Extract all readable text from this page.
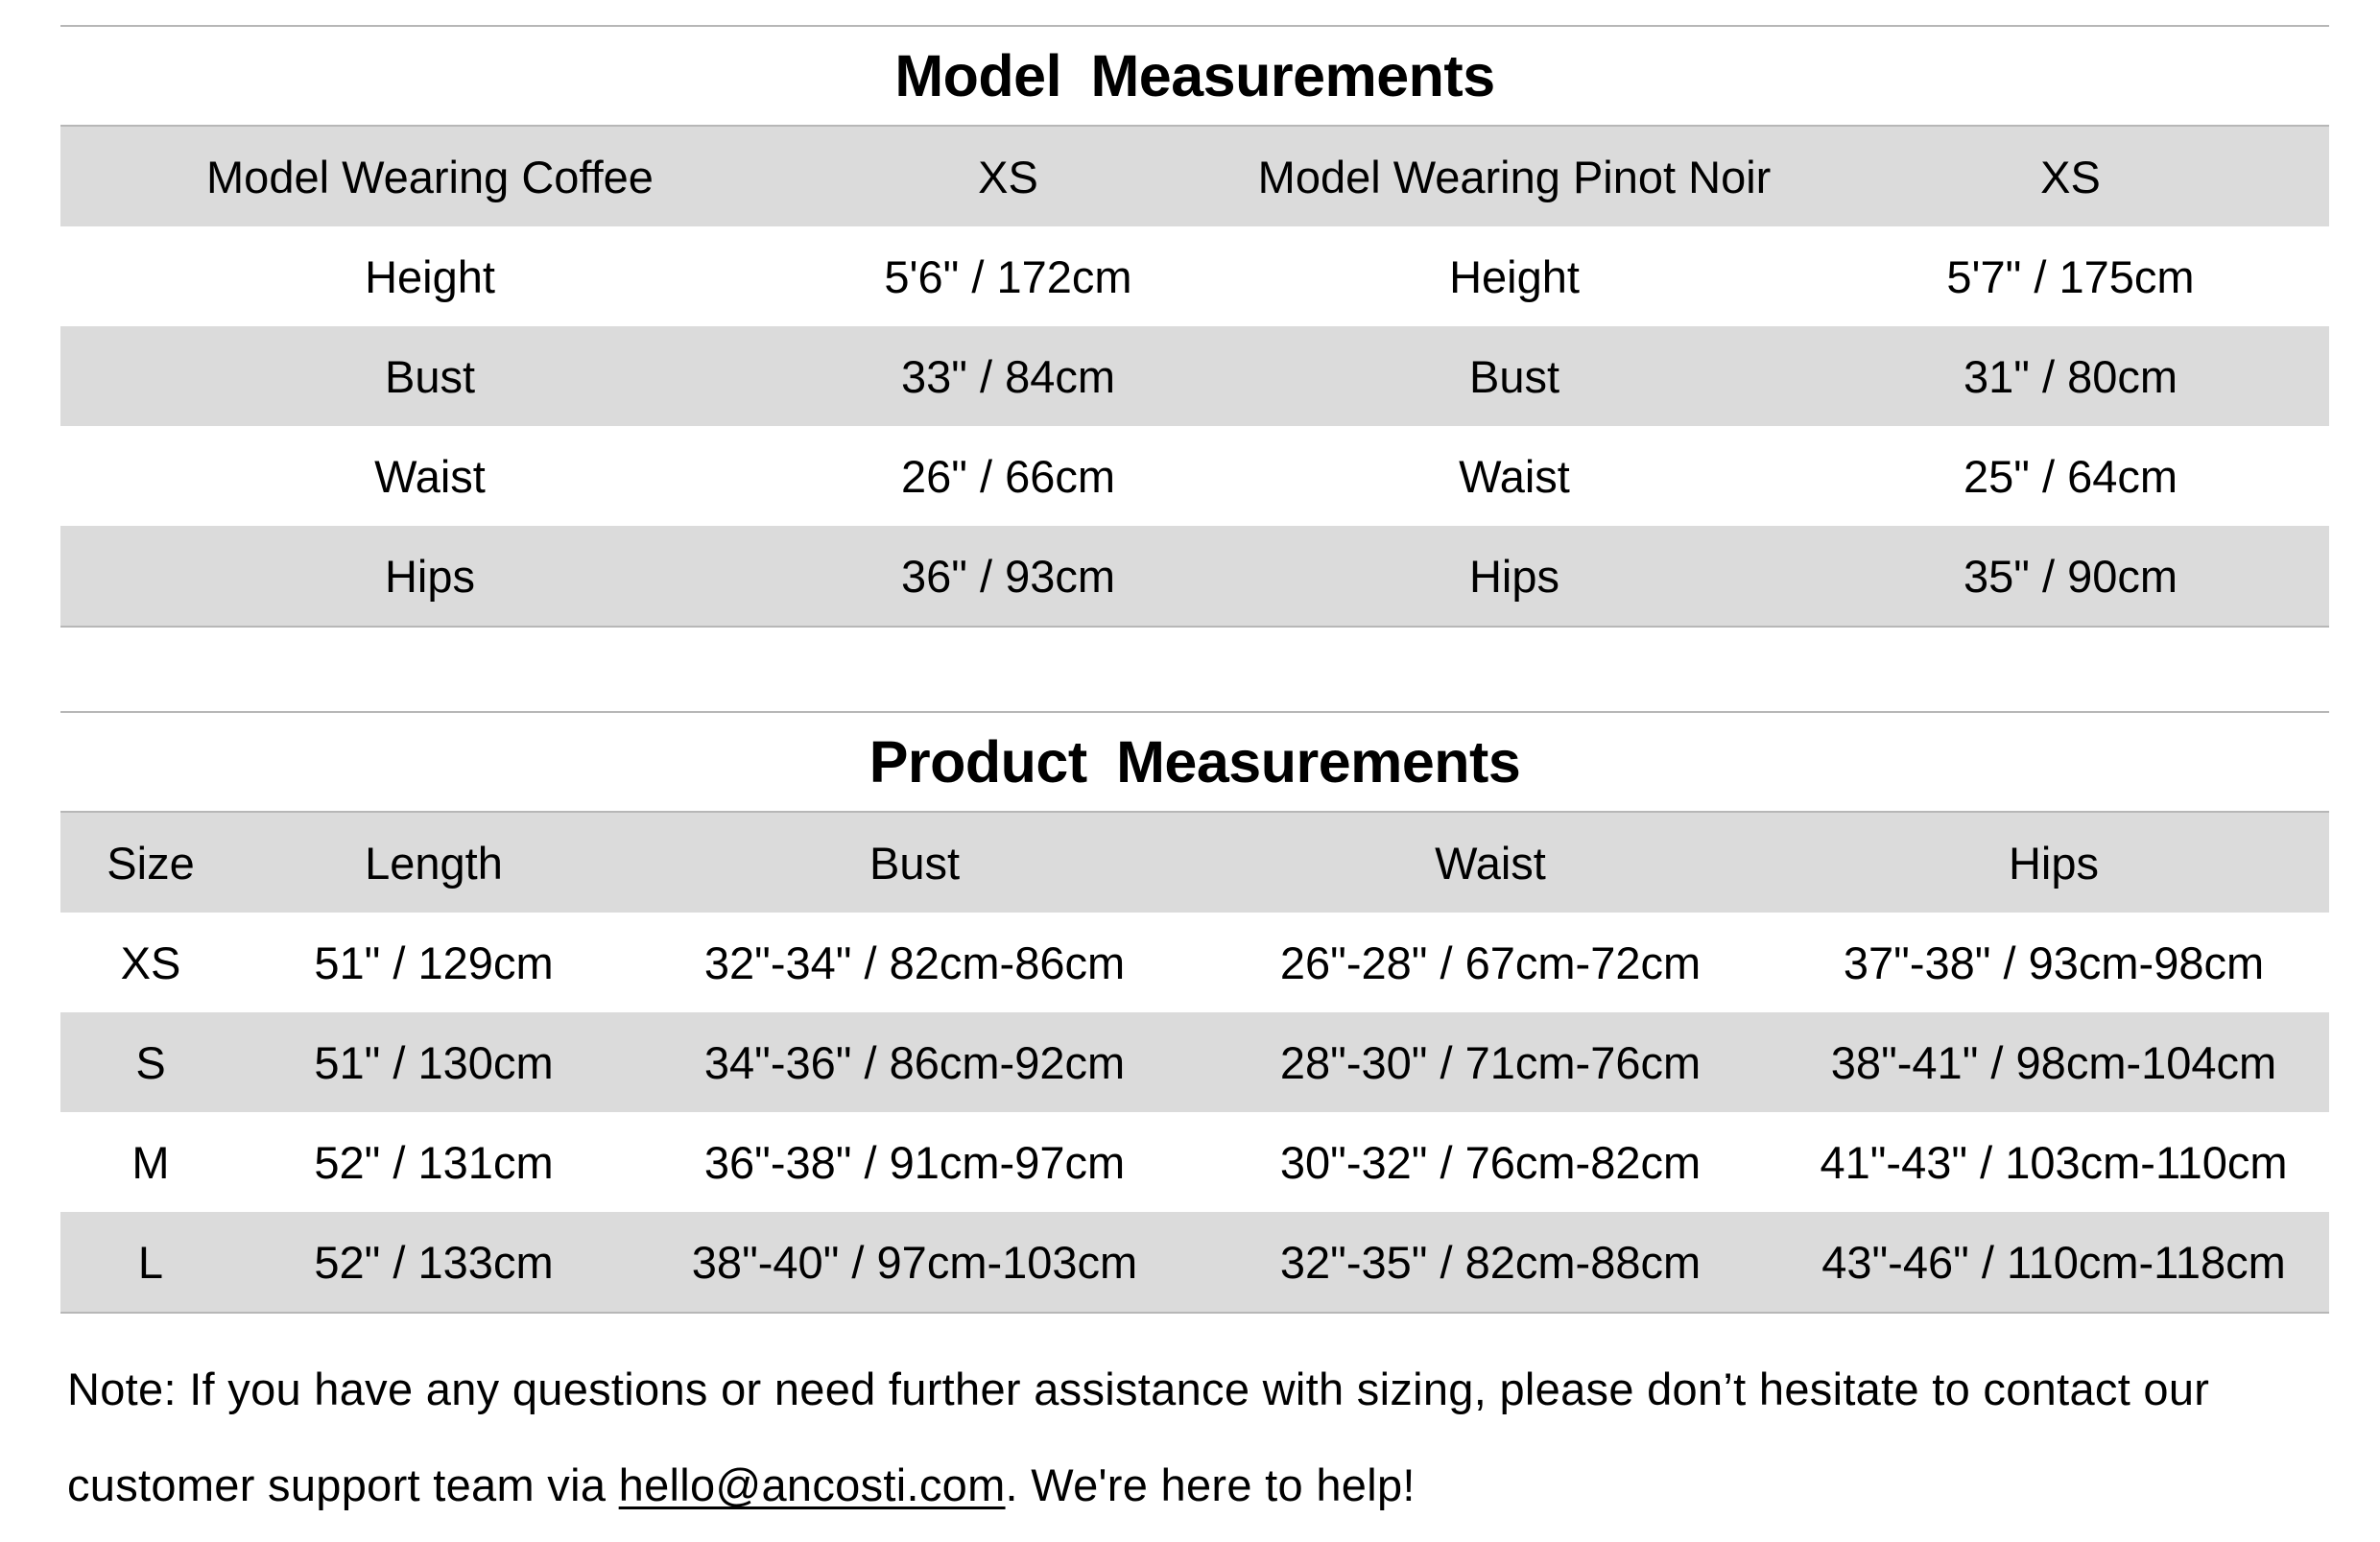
Model Measurements
Model Wearing Coffee	XS	Model Wearing Pinot Noir	XS
Height	5'6" / 172cm	Height	5'7" / 175cm
Bust	33" / 84cm	Bust	31" / 80cm
Waist	26" / 66cm	Waist	25" / 64cm
Hips	36" / 93cm	Hips	35" / 90cm
Product Measurements
Size	Length	Bust	Waist	Hips
XS	51" / 129cm	32"-34" / 82cm-86cm	26"-28" / 67cm-72cm	37"-38" / 93cm-98cm
S	51" / 130cm	34"-36" / 86cm-92cm	28"-30" / 71cm-76cm	38"-41" / 98cm-104cm
M	52" / 131cm	36"-38" / 91cm-97cm	30"-32" / 76cm-82cm	41"-43" / 103cm-110cm
L	52" / 133cm	38"-40" / 97cm-103cm	32"-35" / 82cm-88cm	43"-46" / 110cm-118cm
Note: If you have any questions or need further assistance with sizing, please don’t hesitate to contact our customer support team via hello@ancosti.com. We're here to help!
